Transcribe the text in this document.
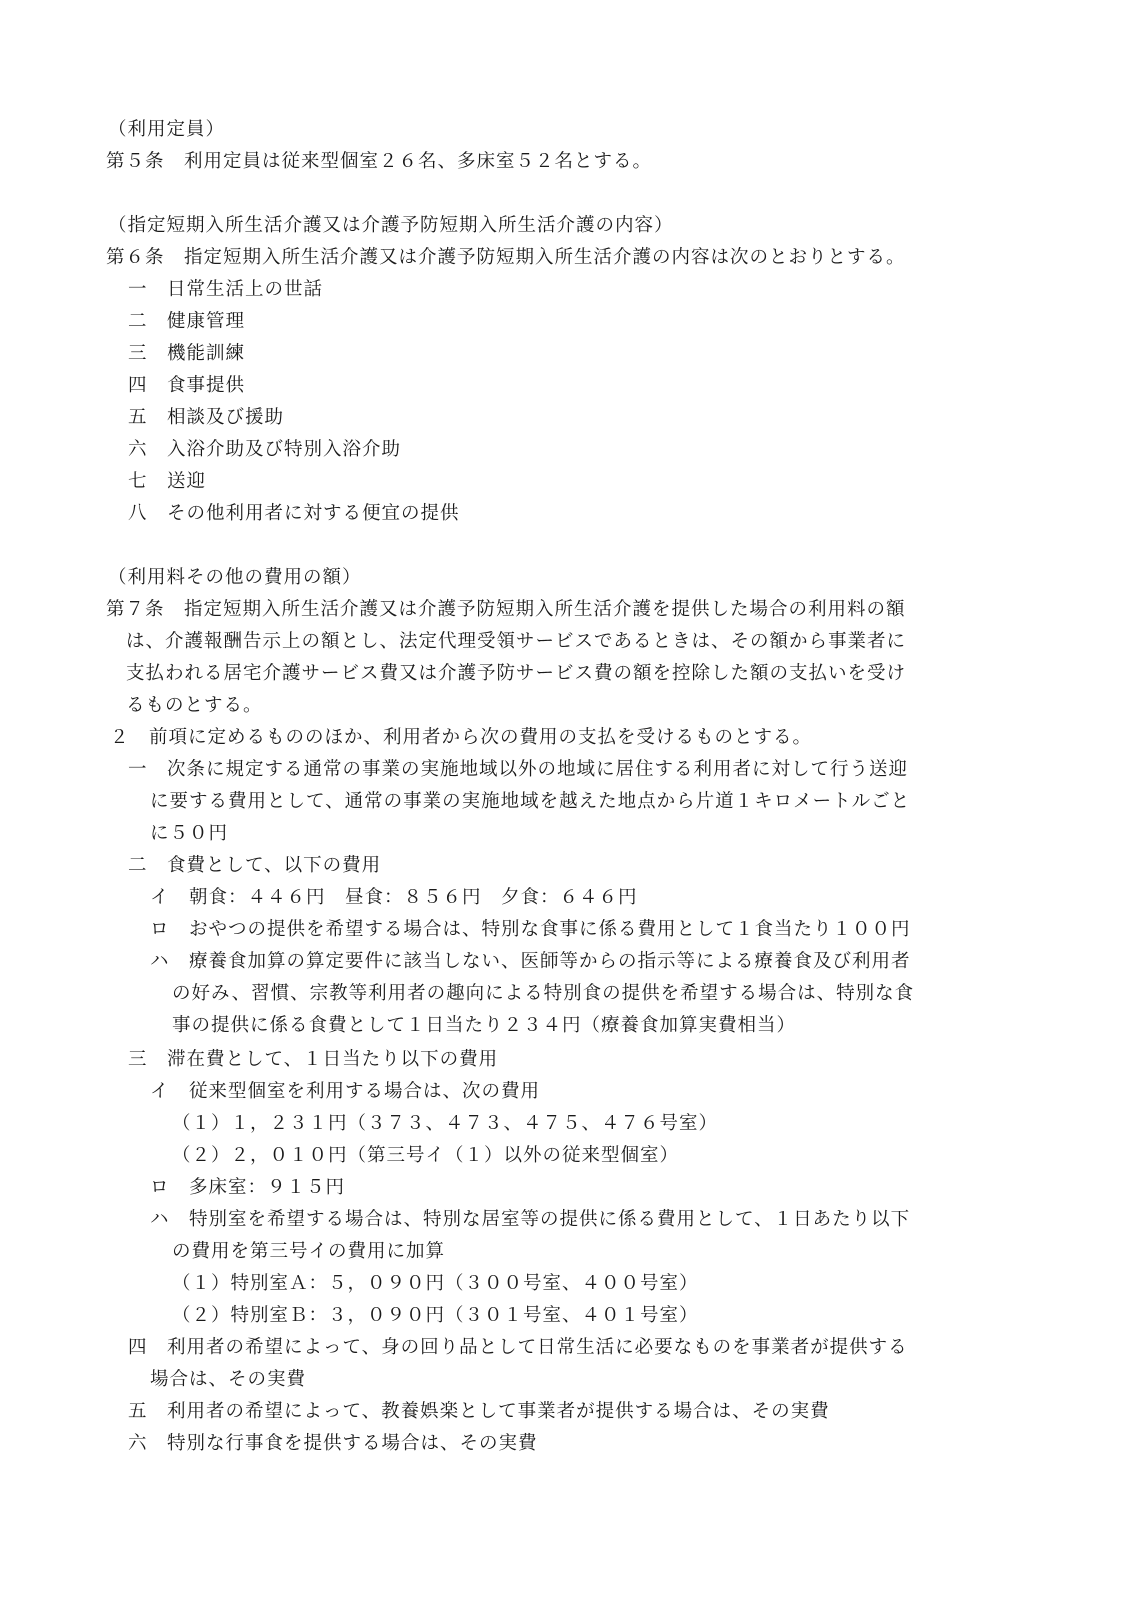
（利用定員）
第５条　利用定員は従来型個室２６名、多床室５２名とする。
（指定短期入所生活介護又は介護予防短期入所生活介護の内容）
第６条　指定短期入所生活介護又は介護予防短期入所生活介護の内容は次のとおりとする。
一　日常生活上の世話
二　健康管理
三　機能訓練
四　食事提供
五　相談及び援助
六　入浴介助及び特別入浴介助
七　送迎
八　その他利用者に対する便宜の提供
（利用料その他の費用の額）
第７条　指定短期入所生活介護又は介護予防短期入所生活介護を提供した場合の利用料の額
は、介護報酬告示上の額とし、法定代理受領サービスであるときは、その額から事業者に
支払われる居宅介護サービス費又は介護予防サービス費の額を控除した額の支払いを受け
るものとする。
２　前項に定めるもののほか、利用者から次の費用の支払を受けるものとする。
一　次条に規定する通常の事業の実施地域以外の地域に居住する利用者に対して行う送迎
に要する費用として、通常の事業の実施地域を越えた地点から片道１キロメートルごと
に５０円
二　食費として、以下の費用
イ　朝食：４４６円　昼食：８５６円　夕食：６４６円
ロ　おやつの提供を希望する場合は、特別な食事に係る費用として１食当たり１００円
ハ　療養食加算の算定要件に該当しない、医師等からの指示等による療養食及び利用者
の好み、習慣、宗教等利用者の趣向による特別食の提供を希望する場合は、特別な食
事の提供に係る食費として１日当たり２３４円（療養食加算実費相当）
三　滞在費として、１日当たり以下の費用
イ　従来型個室を利用する場合は、次の費用
（１）１，２３１円（３７３、４７３、４７５、４７６号室）
（２）２，０１０円（第三号イ（１）以外の従来型個室）
ロ　多床室：９１５円
ハ　特別室を希望する場合は、特別な居室等の提供に係る費用として、１日あたり以下
の費用を第三号イの費用に加算
（１）特別室Ａ：５，０９０円（３００号室、４００号室）
（２）特別室Ｂ：３，０９０円（３０１号室、４０１号室）
四　利用者の希望によって、身の回り品として日常生活に必要なものを事業者が提供する
場合は、その実費
五　利用者の希望によって、教養娯楽として事業者が提供する場合は、その実費
六　特別な行事食を提供する場合は、その実費
